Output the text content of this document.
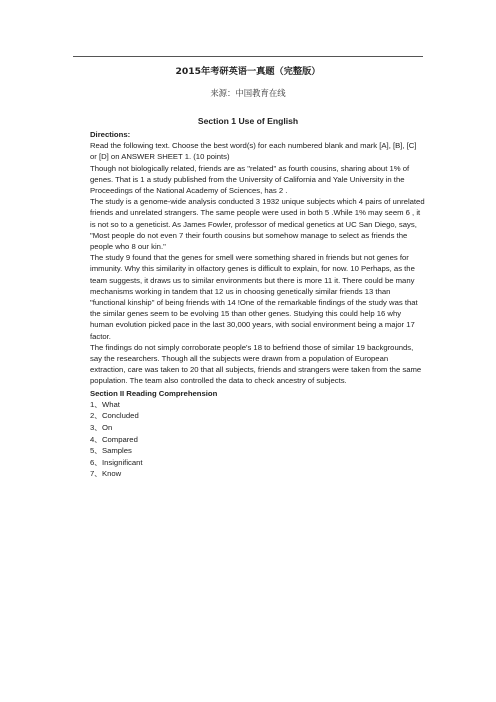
2015年考研英语一真题（完整版）
来源：中国教育在线
Section 1 Use of English

Directions:

Read the following text. Choose the best word(s) for each numbered blank and mark [A], [B], [C] or [D] on ANSWER SHEET 1. (10 points)

Though not biologically related, friends are as "related" as fourth cousins, sharing about 1% of genes. That is 1 a study published from the University of California and Yale University in the Proceedings of the National Academy of Sciences, has 2 .

The study is a genome-wide analysis conducted 3 1932 unique subjects which 4 pairs of unrelated friends and unrelated strangers. The same people were used in both 5 .While 1% may seem 6 , it is not so to a geneticist. As James Fowler, professor of medical genetics at UC San Diego, says, "Most people do not even 7 their fourth cousins but somehow manage to select as friends the people who 8 our kin."

The study 9 found that the genes for smell were something shared in friends but not genes for immunity. Why this similarity in olfactory genes is difficult to explain, for now. 10 Perhaps, as the team suggests, it draws us to similar environments but there is more 11 it. There could be many mechanisms working in tandem that 12 us in choosing genetically similar friends 13 than "functional kinship" of being friends with 14 !One of the remarkable findings of the study was that the similar genes seem to be evolving 15 than other genes. Studying this could help 16 why human evolution picked pace in the last 30,000 years, with social environment being a major 17 factor.

The findings do not simply corroborate people's 18 to befriend those of similar 19 backgrounds, say the researchers. Though all the subjects were drawn from a population of European extraction, care was taken to 20 that all subjects, friends and strangers were taken from the same population. The team also controlled the data to check ancestry of subjects.

Section II Reading Comprehension

1、What
2、Concluded
3、On
4、Compared
5、Samples
6、Insignificant
7、Know
